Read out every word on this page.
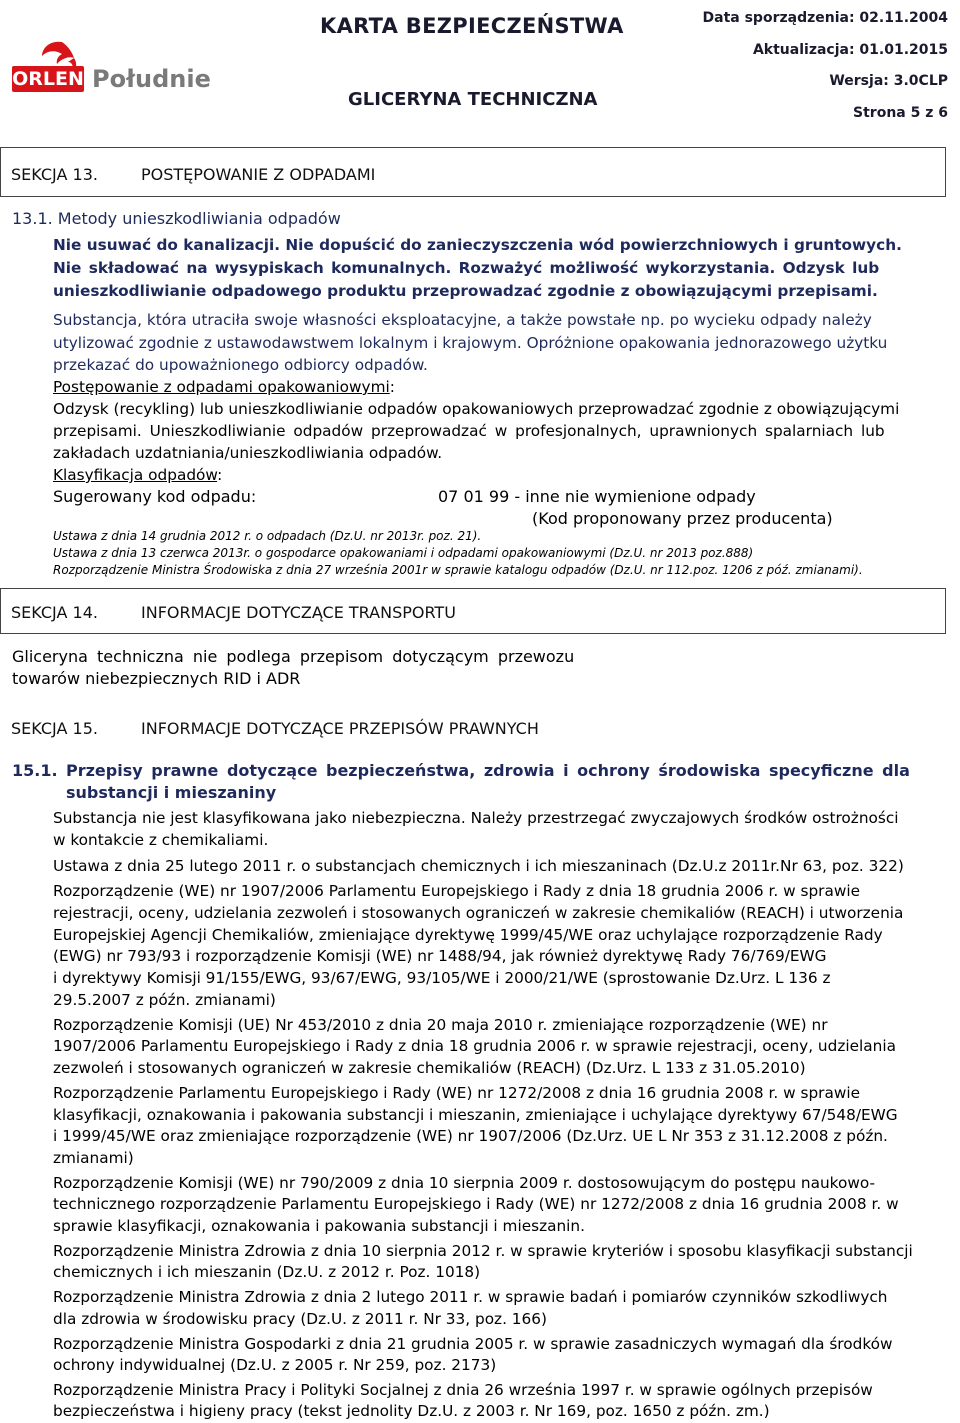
ORLEN Południe
KARTA BEZPIECZEŃSTWA
GLICERYNA TECHNICZNA
Data sporządzenia: 02.11.2004
Aktualizacja: 01.01.2015
Wersja: 3.0CLP
Strona 5 z 6
SEKCJA 13.	POSTĘPOWANIE Z ODPADAMI
13.1. Metody unieszkodliwiania odpadów
Nie usuwać do kanalizacji. Nie dopuścić do zanieczyszczenia wód powierzchniowych i gruntowych.
Nie składować na wysypiskach komunalnych. Rozważyć możliwość wykorzystania. Odzysk lub
unieszkodliwianie odpadowego produktu przeprowadzać zgodnie z obowiązującymi przepisami.
Substancja, która utraciła swoje własności eksploatacyjne, a także powstałe np. po wycieku odpady należy
utylizować zgodnie z ustawodawstwem lokalnym i krajowym. Opróżnione opakowania jednorazowego użytku
przekazać do upoważnionego odbiorcy odpadów.
Postępowanie z odpadami opakowaniowymi:
Odzysk (recykling) lub unieszkodliwianie odpadów opakowaniowych przeprowadzać zgodnie z obowiązującymi
przepisami. Unieszkodliwianie odpadów przeprowadzać w profesjonalnych, uprawnionych spalarniach lub
zakładach uzdatniania/unieszkodliwiania odpadów.
Klasyfikacja odpadów:
Sugerowany kod odpadu:	07 01 99 - inne nie wymienione odpady
(Kod proponowany przez producenta)
Ustawa z dnia 14 grudnia 2012 r. o odpadach (Dz.U. nr 2013r. poz. 21).
Ustawa z dnia 13 czerwca 2013r. o gospodarce opakowaniami i odpadami opakowaniowymi (Dz.U. nr 2013 poz.888)
Rozporządzenie Ministra Środowiska z dnia 27 września 2001r w sprawie katalogu odpadów (Dz.U. nr 112.poz. 1206 z póź. zmianami).
SEKCJA 14.	INFORMACJE DOTYCZĄCE TRANSPORTU
Gliceryna techniczna nie podlega przepisom dotyczącym przewozu
towarów niebezpiecznych RID i ADR
SEKCJA 15.	INFORMACJE DOTYCZĄCE PRZEPISÓW PRAWNYCH
15.1. Przepisy prawne dotyczące bezpieczeństwa, zdrowia i ochrony środowiska specyficzne dla
substancji i mieszaniny
Substancja nie jest klasyfikowana jako niebezpieczna. Należy przestrzegać zwyczajowych środków ostrożności
w kontakcie z chemikaliami.
Ustawa z dnia 25 lutego 2011 r. o substancjach chemicznych i ich mieszaninach (Dz.U.z 2011r.Nr 63, poz. 322)
Rozporządzenie (WE) nr 1907/2006 Parlamentu Europejskiego i Rady z dnia 18 grudnia 2006 r. w sprawie
rejestracji, oceny, udzielania zezwoleń i stosowanych ograniczeń w zakresie chemikaliów (REACH) i utworzenia
Europejskiej Agencji Chemikaliów, zmieniające dyrektywę 1999/45/WE oraz uchylające rozporządzenie Rady
(EWG) nr 793/93 i rozporządzenie Komisji (WE) nr 1488/94, jak również dyrektywę Rady 76/769/EWG
i dyrektywy Komisji 91/155/EWG, 93/67/EWG, 93/105/WE i 2000/21/WE (sprostowanie Dz.Urz. L 136 z
29.5.2007 z późn. zmianami)
Rozporządzenie Komisji (UE) Nr 453/2010 z dnia 20 maja 2010 r. zmieniające rozporządzenie (WE) nr
1907/2006 Parlamentu Europejskiego i Rady z dnia 18 grudnia 2006 r. w sprawie rejestracji, oceny, udzielania
zezwoleń i stosowanych ograniczeń w zakresie chemikaliów (REACH) (Dz.Urz. L 133 z 31.05.2010)
Rozporządzenie Parlamentu Europejskiego i Rady (WE) nr 1272/2008 z dnia 16 grudnia 2008 r. w sprawie
klasyfikacji, oznakowania i pakowania substancji i mieszanin, zmieniające i uchylające dyrektywy 67/548/EWG
i 1999/45/WE oraz zmieniające rozporządzenie (WE) nr 1907/2006 (Dz.Urz. UE L Nr 353 z 31.12.2008 z późn.
zmianami)
Rozporządzenie Komisji (WE) nr 790/2009 z dnia 10 sierpnia 2009 r. dostosowującym do postępu naukowo-
technicznego rozporządzenie Parlamentu Europejskiego i Rady (WE) nr 1272/2008 z dnia 16 grudnia 2008 r. w
sprawie klasyfikacji, oznakowania i pakowania substancji i mieszanin.
Rozporządzenie Ministra Zdrowia z dnia 10 sierpnia 2012 r. w sprawie kryteriów i sposobu klasyfikacji substancji
chemicznych i ich mieszanin (Dz.U. z 2012 r. Poz. 1018)
Rozporządzenie Ministra Zdrowia z dnia 2 lutego 2011 r. w sprawie badań i pomiarów czynników szkodliwych
dla zdrowia w środowisku pracy (Dz.U. z 2011 r. Nr 33, poz. 166)
Rozporządzenie Ministra Gospodarki z dnia 21 grudnia 2005 r. w sprawie zasadniczych wymagań dla środków
ochrony indywidualnej (Dz.U. z 2005 r. Nr 259, poz. 2173)
Rozporządzenie Ministra Pracy i Polityki Socjalnej z dnia 26 września 1997 r. w sprawie ogólnych przepisów
bezpieczeństwa i higieny pracy (tekst jednolity Dz.U. z 2003 r. Nr 169, poz. 1650 z późn. zm.)
